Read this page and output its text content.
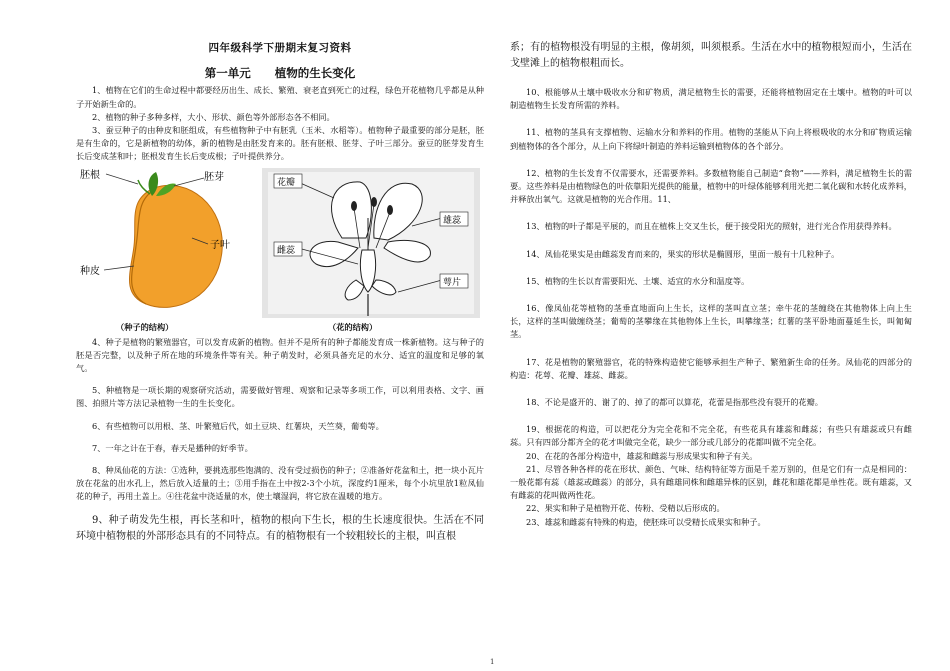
四年级科学下册期末复习资料
第一单元 植物的生长变化

1、植物在它们的生命过程中都要经历出生、成长、繁殖、衰老直到死亡的过程，绿色开花植物几乎都是从种子开始新生命的。

2、植物的种子多种多样，大小、形状、颜色等外部形态各不相同。

3、蚕豆种子的由种皮和胚组成，有些植物种子中有胚乳（玉米、水稻等）。植物种子最重要的部分是胚，胚是有生命的，它是新植物的幼体，新的植物是由胚发育来的。胚有胚根、胚芽、子叶三部分。蚕豆的胚芽发育生长后变成茎和叶；胚根发育生长后变成根；子叶提供养分。

胚根	胚芽
子叶
种皮
花瓣
雄蕊
雌蕊
萼片
（种子的结构）	（花的结构）

4、种子是植物的繁殖器官，可以发育成新的植物。但并不是所有的种子都能发育成一株新植物。这与种子的胚是否完整，以及种子所在地的环境条件等有关。种子萌发时，必须具备充足的水分、适宜的温度和足够的氧气。

5、种植物是一项长期的观察研究活动，需要做好管理、观察和记录等多项工作，可以利用表格、文字、画图、拍照片等方法记录植物一生的生长变化。

6、有些植物可以用根、茎、叶繁殖后代，如土豆块、红薯块，天竺葵，葡萄等。

7、一年之计在于春，春天是播种的好季节。

8、种凤仙花的方法：①选种，要挑选那些饱满的、没有受过损伤的种子；②准备好花盆和土，把一块小瓦片放在花盆的出水孔上，然后放入适量的土；③用手指在土中按2-3个小坑，深度约1厘米，每个小坑里放1粒凤仙花的种子，再用土盖上。④往花盆中浇适量的水，使土壤湿润，将它放在温暖的地方。

9、种子萌发先生根，再长茎和叶，植物的根向下生长，根的生长速度很快。生活在不同环境中植物根的外部形态具有的不同特点。有的植物根有一个较粗较长的主根，叫直根

系；有的植物根没有明显的主根，像胡须，叫须根系。生活在水中的植物根短而小，生活在戈壁滩上的植物根粗而长。

10、根能够从土壤中吸收水分和矿物质，满足植物生长的需要，还能将植物固定在土壤中。植物的叶可以制造植物生长发育所需的养料。

11、植物的茎具有支撑植物、运输水分和养料的作用。植物的茎能从下向上将根吸收的水分和矿物质运输到植物体的各个部分，从上向下将绿叶制造的养料运输到植物体的各个部分。

12、植物的生长发育不仅需要水，还需要养料。多数植物能自己制造“食物”——养料，满足植物生长的需要。这些养料是由植物绿色的叶依靠阳光提供的能量，植物中的叶绿体能够利用光把二氧化碳和水转化成养料，并释放出氧气。这就是植物的光合作用。11、

13、植物的叶子都是平展的，而且在植株上交叉生长，便于接受阳光的照射，进行光合作用获得养料。

14、凤仙花果实是由雌蕊发育而来的，果实的形状是椭圆形，里面一般有十几粒种子。

15、植物的生长以育需要阳光、土壤、适宜的水分和温度等。

16、像凤仙花等植物的茎垂直地面向上生长，这样的茎叫直立茎；牵牛花的茎缠绕在其他物体上向上生长，这样的茎叫做缠绕茎；葡萄的茎攀缘在其他物体上生长，叫攀缘茎；红薯的茎平卧地面蔓延生长，叫匍匐茎。

17、花是植物的繁殖器官，花的特殊构造使它能够承担生产种子、繁殖新生命的任务。凤仙花的四部分的构造：花萼、花瓣、雄蕊、雌蕊。

18、不论是盛开的、谢了的、掉了的都可以算花，花蕾是指那些没有裂开的花瓣。

19、根据花的构造，可以把花分为完全花和不完全花，有些花具有雄蕊和雌蕊；有些只有雄蕊或只有雌蕊。只有四部分都齐全的花才叫做完全花，缺少一部分或几部分的花都叫做不完全花。

20、在花的各部分构造中，雄蕊和雌蕊与形成果实和种子有关。

21、尽管各种各样的花在形状、颜色、气味、结构特征等方面是千差万别的，但是它们有一点是相同的：一般花都有蕊（雄蕊或雌蕊）的部分，具有雌雄同株和雌雄异株的区别，雌花和雄花都是单性花。既有雄蕊，又有雌蕊的花叫做两性花。

22、果实和种子是植物开花、传粉、受精以后形成的。

23、雄蕊和雌蕊有特殊的构造，使胚珠可以受精长成果实和种子。

1
